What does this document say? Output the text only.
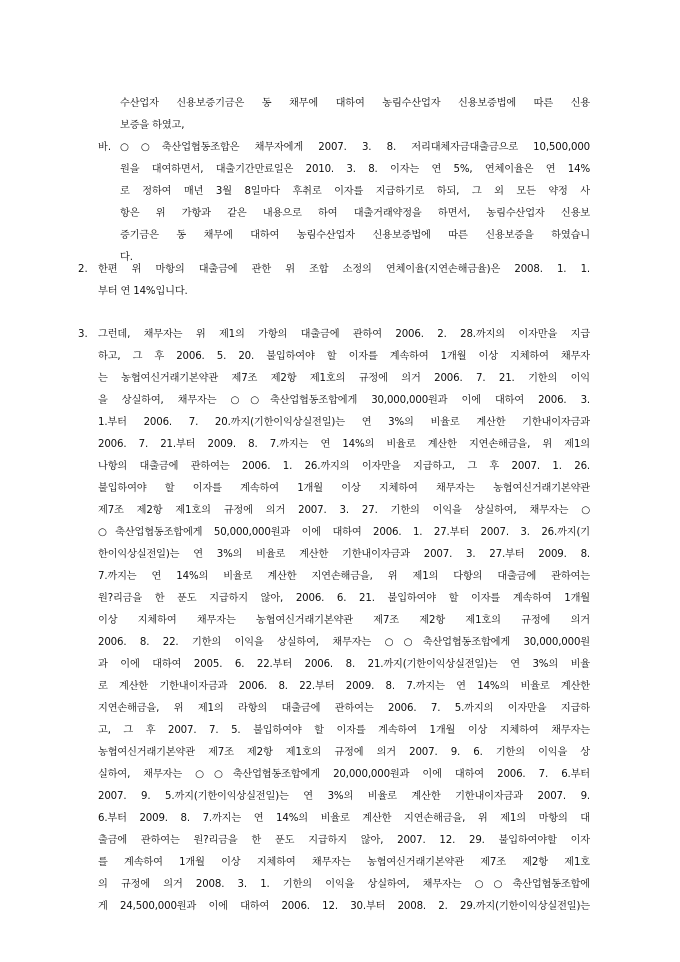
수산업자 신용보증기금은 동 채무에 대하여 농림수산업자 신용보증법에 따른 신용
보증을 하였고,
바. ○○축산업협동조합은 채무자에게 2007. 3. 8. 저리대체자금대출금으로 10,500,000
원을 대여하면서, 대출기간만료일은 2010. 3. 8. 이자는 연 5%, 연체이율은 연 14%
로 정하여 매년 3월 8일마다 후취로 이자를 지급하기로 하되, 그 외 모든 약정 사
항은 위 가항과 같은 내용으로 하여 대출거래약정을 하면서, 농림수산업자 신용보
증기금은 동 채무에 대하여 농림수산업자 신용보증법에 따른 신용보증을 하였습니
다.
2. 한편 위 마항의 대출금에 관한 위 조합 소정의 연체이율(지연손해금율)은 2008. 1. 1.
부터 연 14%입니다.
3. 그런데, 채무자는 위 제1의 가항의 대출금에 관하여 2006. 2. 28.까지의 이자만을 지급
하고, 그 후 2006. 5. 20. 불입하여야 할 이자를 계속하여 1개월 이상 지체하여 채무자
는 농협여신거래기본약관 제7조 제2항 제1호의 규정에 의거 2006. 7. 21. 기한의 이익
을 상실하여, 채무자는 ○○축산업협동조합에게 30,000,000원과 이에 대하여 2006. 3.
1.부터 2006. 7. 20.까지(기한이익상실전일)는 연 3%의 비율로 계산한 기한내이자금과
2006. 7. 21.부터 2009. 8. 7.까지는 연 14%의 비율로 계산한 지연손해금을, 위 제1의
나항의 대출금에 관하여는 2006. 1. 26.까지의 이자만을 지급하고, 그 후 2007. 1. 26.
불입하여야 할 이자를 계속하여 1개월 이상 지체하여 채무자는 농협여신거래기본약관
제7조 제2항 제1호의 규정에 의거 2007. 3. 27. 기한의 이익을 상실하여, 채무자는 ○
○축산업협동조합에게 50,000,000원과 이에 대하여 2006. 1. 27.부터 2007. 3. 26.까지(기
한이익상실전일)는 연 3%의 비율로 계산한 기한내이자금과 2007. 3. 27.부터 2009. 8.
7.까지는 연 14%의 비율로 계산한 지연손해금을, 위 제1의 다항의 대출금에 관하여는
원?리금을 한 푼도 지급하지 않아, 2006. 6. 21. 불입하여야 할 이자를 계속하여 1개월
이상 지체하여 채무자는 농협여신거래기본약관 제7조 제2항 제1호의 규정에 의거
2006. 8. 22. 기한의 이익을 상실하여, 채무자는 ○○축산업협동조합에게 30,000,000원
과 이에 대하여 2005. 6. 22.부터 2006. 8. 21.까지(기한이익상실전일)는 연 3%의 비율
로 계산한 기한내이자금과 2006. 8. 22.부터 2009. 8. 7.까지는 연 14%의 비율로 계산한
지연손해금을, 위 제1의 라항의 대출금에 관하여는 2006. 7. 5.까지의 이자만을 지급하
고, 그 후 2007. 7. 5. 불입하여야 할 이자를 계속하여 1개월 이상 지체하여 채무자는
농협여신거래기본약관 제7조 제2항 제1호의 규정에 의거 2007. 9. 6. 기한의 이익을 상
실하여, 채무자는 ○○축산업협동조합에게 20,000,000원과 이에 대하여 2006. 7. 6.부터
2007. 9. 5.까지(기한이익상실전일)는 연 3%의 비율로 계산한 기한내이자금과 2007. 9.
6.부터 2009. 8. 7.까지는 연 14%의 비율로 계산한 지연손해금을, 위 제1의 마항의 대
출금에 관하여는 원?리금을 한 푼도 지급하지 않아, 2007. 12. 29. 불입하여야할 이자
를 계속하여 1개월 이상 지체하여 채무자는 농협여신거래기본약관 제7조 제2항 제1호
의 규정에 의거 2008. 3. 1. 기한의 이익을 상실하여, 채무자는 ○○축산업협동조합에
게 24,500,000원과 이에 대하여 2006. 12. 30.부터 2008. 2. 29.까지(기한이익상실전일)는
